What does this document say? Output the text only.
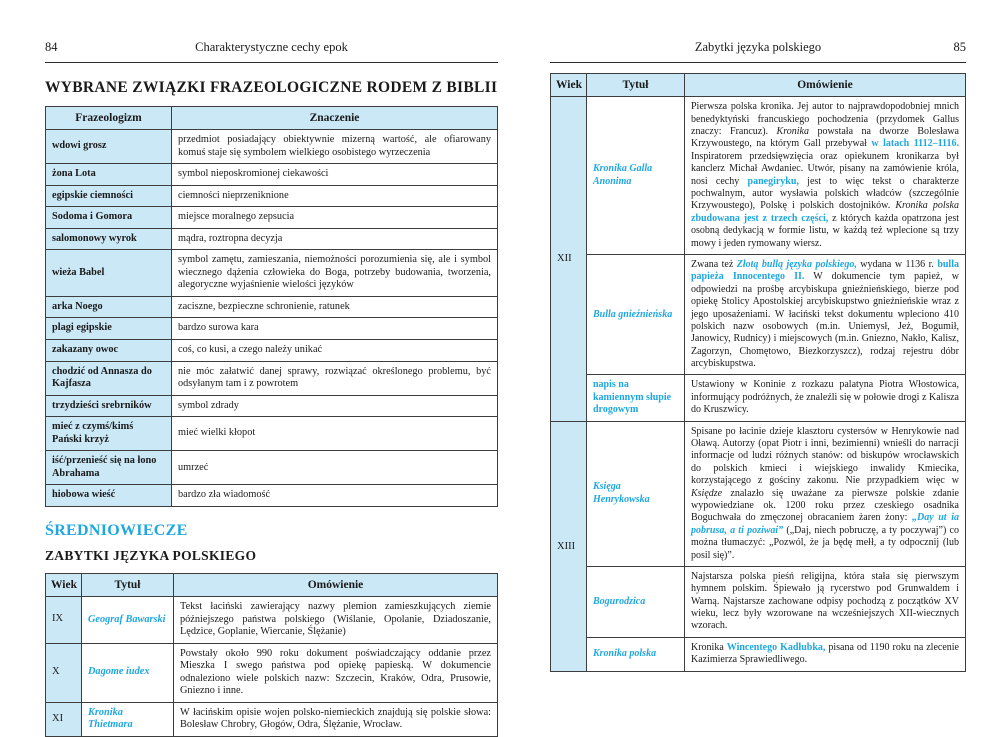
84	Charakterystyczne cechy epok
WYBRANE ZWIĄZKI FRAZEOLOGICZNE RODEM Z BIBLII
Frazeologizm	Znaczenie
wdowi grosz	przedmiot posiadający obiektywnie mizerną wartość, ale ofiarowany komuś staje się symbolem wielkiego osobistego wyrzeczenia
żona Lota	symbol nieposkromionej ciekawości
egipskie ciemności	ciemności nieprzeniknione
Sodoma i Gomora	miejsce moralnego zepsucia
salomonowy wyrok	mądra, roztropna decyzja
wieża Babel	symbol zamętu, zamieszania, niemożności porozumienia się, ale i symbol wiecznego dążenia człowieka do Boga, potrzeby budowania, tworzenia, alegoryczne wyjaśnienie wielości języków
arka Noego	zaciszne, bezpieczne schronienie, ratunek
plagi egipskie	bardzo surowa kara
zakazany owoc	coś, co kusi, a czego należy unikać
chodzić od Annasza do Kajfasza	nie móc załatwić danej sprawy, rozwiązać określonego problemu, być odsyłanym tam i z powrotem
trzydzieści srebrników	symbol zdrady
mieć z czymś/kimś Pański krzyż	mieć wielki kłopot
iść/przenieść się na łono Abrahama	umrzeć
hiobowa wieść	bardzo zła wiadomość
ŚREDNIOWIECZE
ZABYTKI JĘZYKA POLSKIEGO
Wiek	Tytuł	Omówienie
IX	Geograf Bawarski	Tekst łaciński zawierający nazwy plemion zamieszkujących ziemie późniejszego państwa polskiego (Wiślanie, Opolanie, Dziadoszanie, Lędzice, Goplanie, Wiercanie, Ślężanie)
X	Dagome iudex	Powstały około 990 roku dokument poświadczający oddanie przez Mieszka I swego państwa pod opiekę papieską. W dokumencie odnaleziono wiele polskich nazw: Szczecin, Kraków, Odra, Prusowie, Gniezno i inne.
XI	Kronika Thietmara	W łacińskim opisie wojen polsko-niemieckich znajdują się polskie słowa: Bolesław Chrobry, Głogów, Odra, Ślężanie, Wrocław.
Zabytki języka polskiego	85
Wiek	Tytuł	Omówienie
XII	Kronika Galla Anonima	Pierwsza polska kronika. Jej autor to najprawdopodobniej mnich benedyktyński francuskiego pochodzenia (przydomek Gallus znaczy: Francuz). Kronika powstała na dworze Bolesława Krzywoustego, na którym Gall przebywał w latach 1112–1116. Inspiratorem przedsięwzięcia oraz opiekunem kronikarza był kanclerz Michał Awdaniec. Utwór, pisany na zamówienie króla, nosi cechy panegiryku, jest to więc tekst o charakterze pochwalnym, autor wysławia polskich władców (szczególnie Krzywoustego), Polskę i polskich dostojników. Kronika polska zbudowana jest z trzech części, z których każda opatrzona jest osobną dedykacją w formie listu, w każdą też wplecione są trzy mowy i jeden rymowany wiersz.
	Bulla gnieźnieńska	Zwana też Złotą bullą języka polskiego, wydana w 1136 r. bulla papieża Innocentego II. W dokumencie tym papież, w odpowiedzi na prośbę arcybiskupa gnieźnieńskiego, bierze pod opiekę Stolicy Apostolskiej arcybiskupstwo gnieźnieńskie wraz z jego uposażeniami. W łaciński tekst dokumentu wpleciono 410 polskich nazw osobowych (m.in. Uniemysł, Jeż, Bogumił, Janowicy, Rudnicy) i miejscowych (m.in. Gniezno, Nakło, Kalisz, Zagorzyn, Chomętowo, Biezkorzyszcz), rodzaj rejestru dóbr arcybiskupstwa.
	napis na kamiennym słupie drogowym	Ustawiony w Koninie z rozkazu palatyna Piotra Włostowica, informujący podróżnych, że znaleźli się w połowie drogi z Kalisza do Kruszwicy.
XIII	Księga Henrykowska	Spisane po łacinie dzieje klasztoru cystersów w Henrykowie nad Oławą. Autorzy (opat Piotr i inni, bezimienni) wnieśli do narracji informacje od ludzi różnych stanów: od biskupów wrocławskich do polskich kmieci i wiejskiego inwalidy Kmiecika, korzystającego z gościny zakonu. Nie przypadkiem więc w Księdze znalazło się uważane za pierwsze polskie zdanie wypowiedziane ok. 1200 roku przez czeskiego osadnika Boguchwała do zmęczonej obracaniem żaren żony: „Day ut ia pobrusa, a ti poziwai” („Daj, niech pobruczę, a ty poczywaj”) co można tłumaczyć: „Pozwól, że ja będę mełł, a ty odpocznij (lub posil się)”.
	Bogurodzica	Najstarsza polska pieśń religijna, która stała się pierwszym hymnem polskim. Śpiewało ją rycerstwo pod Grunwaldem i Warną. Najstarsze zachowane odpisy pochodzą z początków XV wieku, lecz były wzorowane na wcześniejszych XII-wiecznych wzorach.
	Kronika polska	Kronika Wincentego Kadłubka, pisana od 1190 roku na zlecenie Kazimierza Sprawiedliwego.
